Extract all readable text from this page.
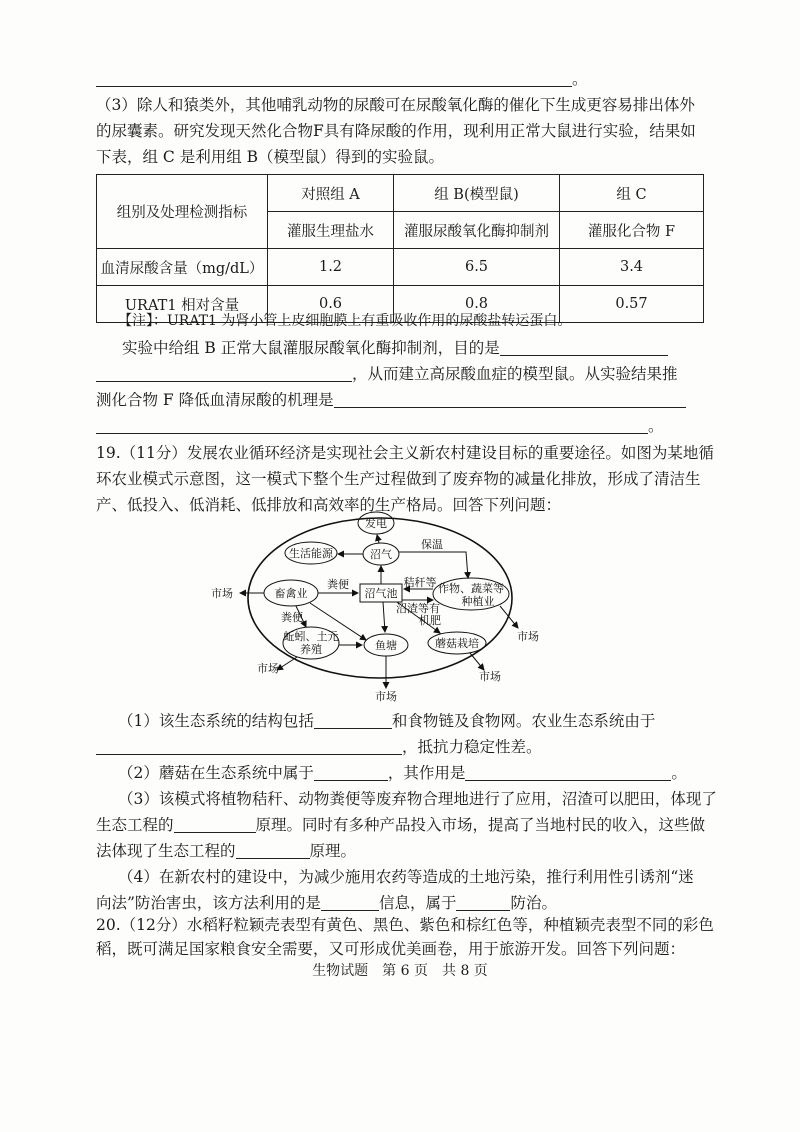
。
（3）除人和猿类外，其他哺乳动物的尿酸可在尿酸氧化酶的催化下生成更容易排出体外
的尿囊素。研究发现天然化合物F具有降尿酸的作用，现利用正常大鼠进行实验，结果如
下表，组 C 是利用组 B（模型鼠）得到的实验鼠。
组别及处理检测指标	对照组 A	组 B(模型鼠)	组 C
	灌服生理盐水	灌服尿酸氧化酶抑制剂	灌服化合物 F
血清尿酸含量（mg/dL）	1.2	6.5	3.4
URAT1 相对含量	0.6	0.8	0.57
【注】：URAT1 为肾小管上皮细胞膜上有重吸收作用的尿酸盐转运蛋白。
实验中给组 B 正常大鼠灌服尿酸氧化酶抑制剂，目的是
，从而建立高尿酸血症的模型鼠。从实验结果推
测化合物 F 降低血清尿酸的机理是
。
19.（11分）发展农业循环经济是实现社会主义新农村建设目标的重要途径。如图为某地循
环农业模式示意图，这一模式下整个生产过程做到了废弃物的减量化排放，形成了清洁生
产、低投入、低消耗、低排放和高效率的生产格局。回答下列问题：
发电
沼气
生活能源
畜禽业	沼气池	作物、蔬菜等
种植业
蚯蚓、土元
养殖	鱼塘	蘑菇栽培
保温
粪便	秸秆等
沼渣等有
机肥
粪便
市场
市场
市场
市场
市场
（1）该生态系统的结构包括	和食物链及食物网。农业生态系统由于
，抵抗力稳定性差。
（2）蘑菇在生态系统中属于	，其作用是	。
（3）该模式将植物秸秆、动物粪便等废弃物合理地进行了应用，沼渣可以肥田，体现了
生态工程的	原理。同时有多种产品投入市场，提高了当地村民的收入，这些做
法体现了生态工程的	原理。
（4）在新农村的建设中，为减少施用农药等造成的土地污染，推行利用性引诱剂“迷
向法”防治害虫，该方法利用的是	信息，属于	防治。
20.（12分）水稻籽粒颖壳表型有黄色、黑色、紫色和棕红色等，种植颖壳表型不同的彩色
稻，既可满足国家粮食安全需要，又可形成优美画卷，用于旅游开发。回答下列问题：
生物试题　第 6 页　共 8 页
